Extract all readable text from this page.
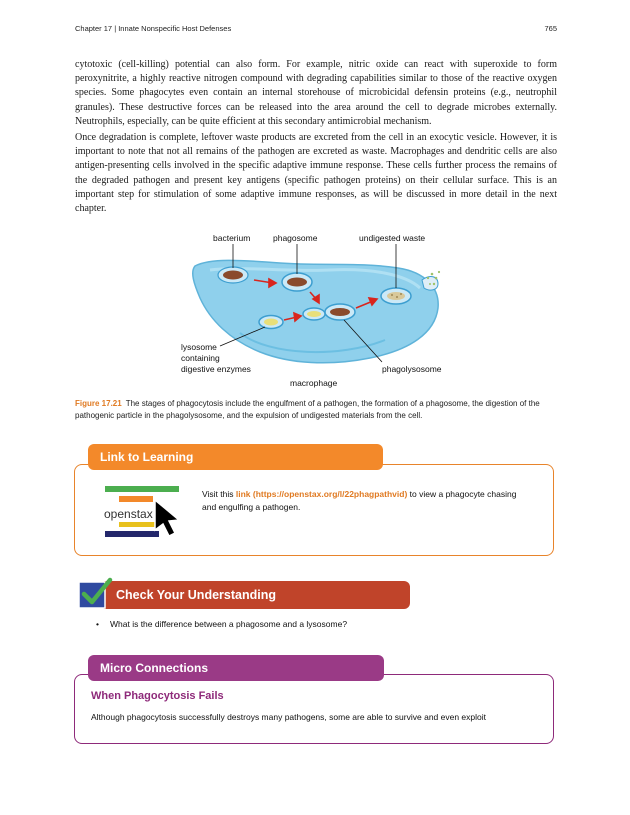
Chapter 17 | Innate Nonspecific Host Defenses	765

cytotoxic (cell-killing) potential can also form. For example, nitric oxide can react with superoxide to form peroxynitrite, a highly reactive nitrogen compound with degrading capabilities similar to those of the reactive oxygen species. Some phagocytes even contain an internal storehouse of microbicidal defensin proteins (e.g., neutrophil granules). These destructive forces can be released into the area around the cell to degrade microbes externally. Neutrophils, especially, can be quite efficient at this secondary antimicrobial mechanism.

Once degradation is complete, leftover waste products are excreted from the cell in an exocytic vesicle. However, it is important to note that not all remains of the pathogen are excreted as waste. Macrophages and dendritic cells are also antigen-presenting cells involved in the specific adaptive immune response. These cells further process the remains of the degraded pathogen and present key antigens (specific pathogen proteins) on their cellular surface. This is an important step for stimulation of some adaptive immune responses, as will be discussed in more detail in the next chapter.

bacterium	phagosome	undigested waste
lysosome
containing
digestive enzymes	phagolysosome
macrophage

Figure 17.21 The stages of phagocytosis include the engulfment of a pathogen, the formation of a phagosome, the digestion of the pathogenic particle in the phagolysosome, and the expulsion of undigested materials from the cell.

Link to Learning
openstax

Visit this link (https://openstax.org/l/22phagpathvid) to view a phagocyte chasing and engulfing a pathogen.

Check Your Understanding
• What is the difference between a phagosome and a lysosome?
Micro Connections

When Phagocytosis Fails

Although phagocytosis successfully destroys many pathogens, some are able to survive and even exploit
